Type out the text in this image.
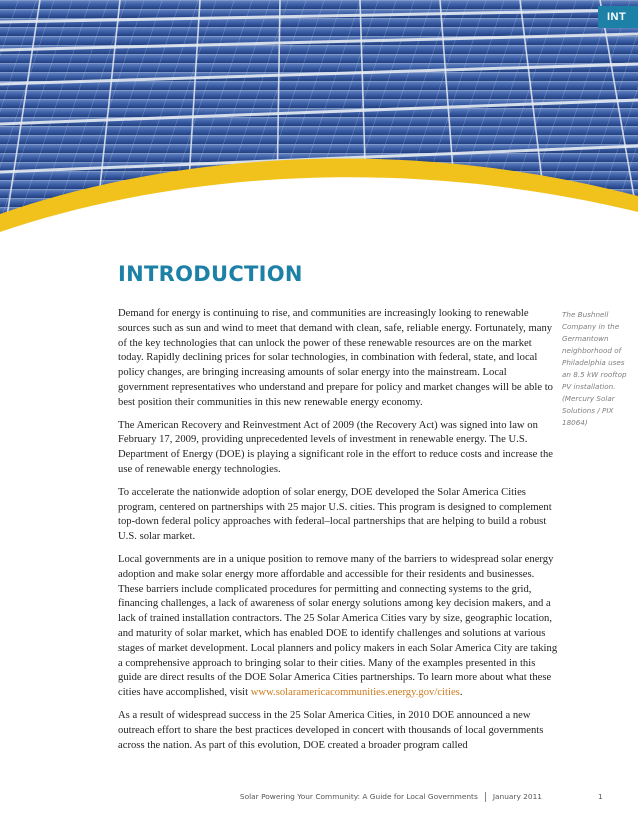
INT
INTRODUCTION

Demand for energy is continuing to rise, and communities are increasingly looking to renewable sources such as sun and wind to meet that demand with clean, safe, reliable energy. Fortunately, many of the key technologies that can unlock the power of these renewable resources are on the market today. Rapidly declining prices for solar technologies, in combination with federal, state, and local policy changes, are bringing increasing amounts of solar energy into the mainstream. Local government representatives who understand and prepare for policy and market changes will be able to best position their communities in this new renewable energy economy.

The American Recovery and Reinvestment Act of 2009 (the Recovery Act) was signed into law on February 17, 2009, providing unprecedented levels of investment in renewable energy. The U.S. Department of Energy (DOE) is playing a significant role in the effort to reduce costs and increase the use of renewable energy technologies.

To accelerate the nationwide adoption of solar energy, DOE developed the Solar America Cities program, centered on partnerships with 25 major U.S. cities. This program is designed to complement top-down federal policy approaches with federal–local partnerships that are helping to build a robust U.S. solar market.

Local governments are in a unique position to remove many of the barriers to widespread solar energy adoption and make solar energy more affordable and accessible for their residents and businesses. These barriers include complicated procedures for permitting and connecting systems to the grid, financing challenges, a lack of awareness of solar energy solutions among key decision makers, and a lack of trained installation contractors. The 25 Solar America Cities vary by size, geographic location, and maturity of solar market, which has enabled DOE to identify challenges and solutions at various stages of market development. Local planners and policy makers in each Solar America City are taking a comprehensive approach to bringing solar to their cities. Many of the examples presented in this guide are direct results of the DOE Solar America Cities partnerships. To learn more about what these cities have accomplished, visit www.solaramericacommunities.energy.gov/cities.

As a result of widespread success in the 25 Solar America Cities, in 2010 DOE announced a new outreach effort to share the best practices developed in concert with thousands of local governments across the nation. As part of this evolution, DOE created a broader program called

The Bushnell Company in the Germantown neighborhood of Philadelphia uses an 8.5 kW rooftop PV installation. (Mercury Solar Solutions / PIX 18064)
Solar Powering Your Community: A Guide for Local Governments January 2011	1
